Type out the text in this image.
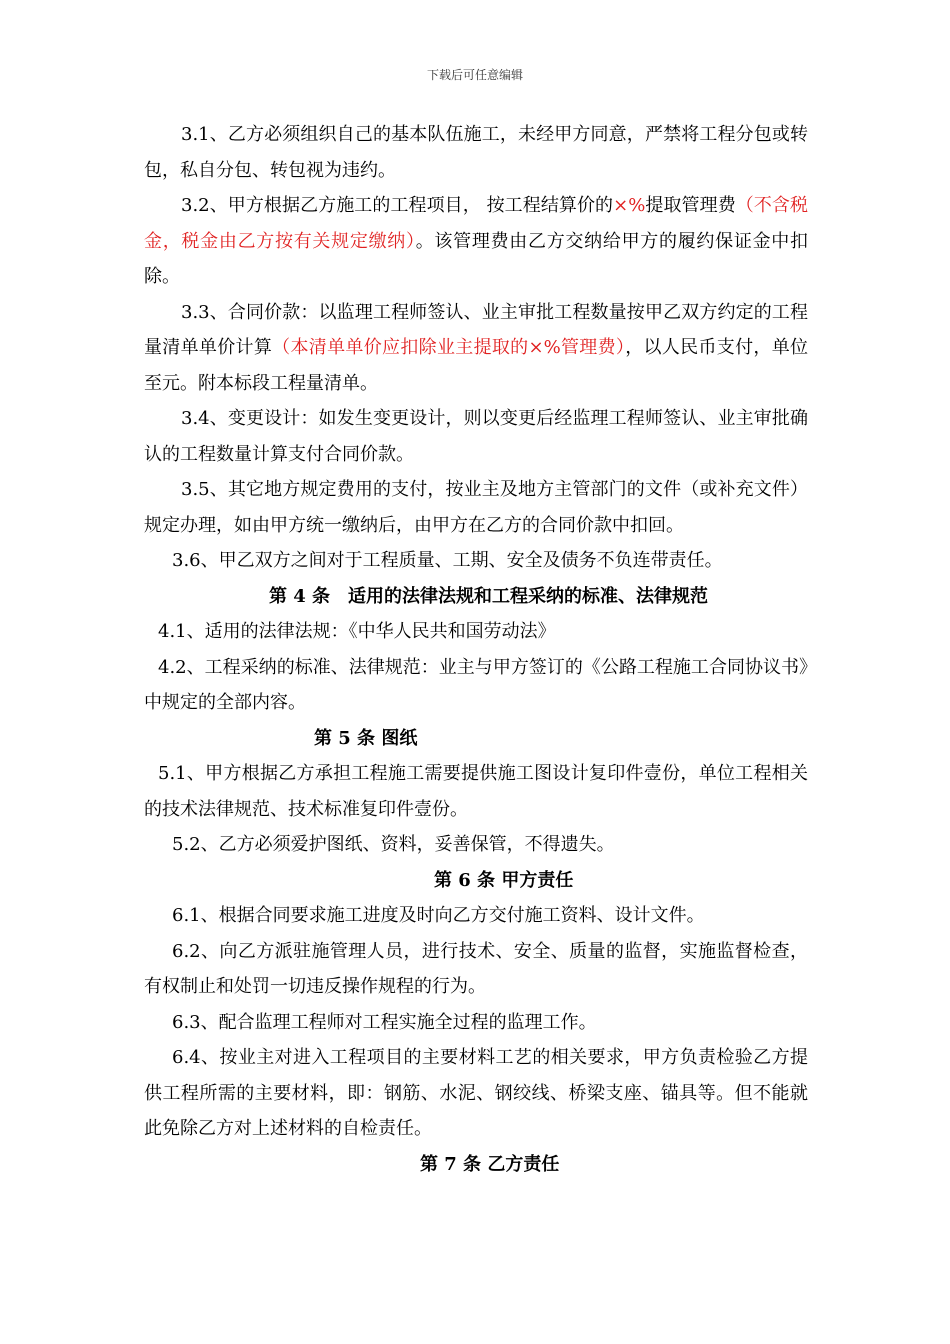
下载后可任意编辑

3.1、乙方必须组织自己的基本队伍施工，未经甲方同意，严禁将工程分包或转包，私自分包、转包视为违约。

3.2、甲方根据乙方施工的工程项目， 按工程结算价的×%提取管理费（不含税金，税金由乙方按有关规定缴纳）。该管理费由乙方交纳给甲方的履约保证金中扣除。

3.3、合同价款：以监理工程师签认、业主审批工程数量按甲乙双方约定的工程量清单单价计算（本清单单价应扣除业主提取的×%管理费），以人民币支付，单位至元。附本标段工程量清单。

3.4、变更设计：如发生变更设计，则以变更后经监理工程师签认、业主审批确认的工程数量计算支付合同价款。

3.5、其它地方规定费用的支付，按业主及地方主管部门的文件（或补充文件）规定办理，如由甲方统一缴纳后，由甲方在乙方的合同价款中扣回。

3.6、甲乙双方之间对于工程质量、工期、安全及债务不负连带责任。

第 4 条　适用的法律法规和工程采纳的标准、法律规范

4.1、适用的法律法规：《中华人民共和国劳动法》

4.2、工程采纳的标准、法律规范：业主与甲方签订的《公路工程施工合同协议书》中规定的全部内容。

第 5 条 图纸

5.1、甲方根据乙方承担工程施工需要提供施工图设计复印件壹份，单位工程相关的技术法律规范、技术标准复印件壹份。

5.2、乙方必须爱护图纸、资料，妥善保管，不得遗失。

第 6 条 甲方责任

6.1、根据合同要求施工进度及时向乙方交付施工资料、设计文件。

6.2、向乙方派驻施管理人员，进行技术、安全、质量的监督，实施监督检查，有权制止和处罚一切违反操作规程的行为。

6.3、配合监理工程师对工程实施全过程的监理工作。

6.4、按业主对进入工程项目的主要材料工艺的相关要求，甲方负责检验乙方提供工程所需的主要材料，即：钢筋、水泥、钢绞线、桥梁支座、锚具等。但不能就此免除乙方对上述材料的自检责任。

第 7 条 乙方责任
